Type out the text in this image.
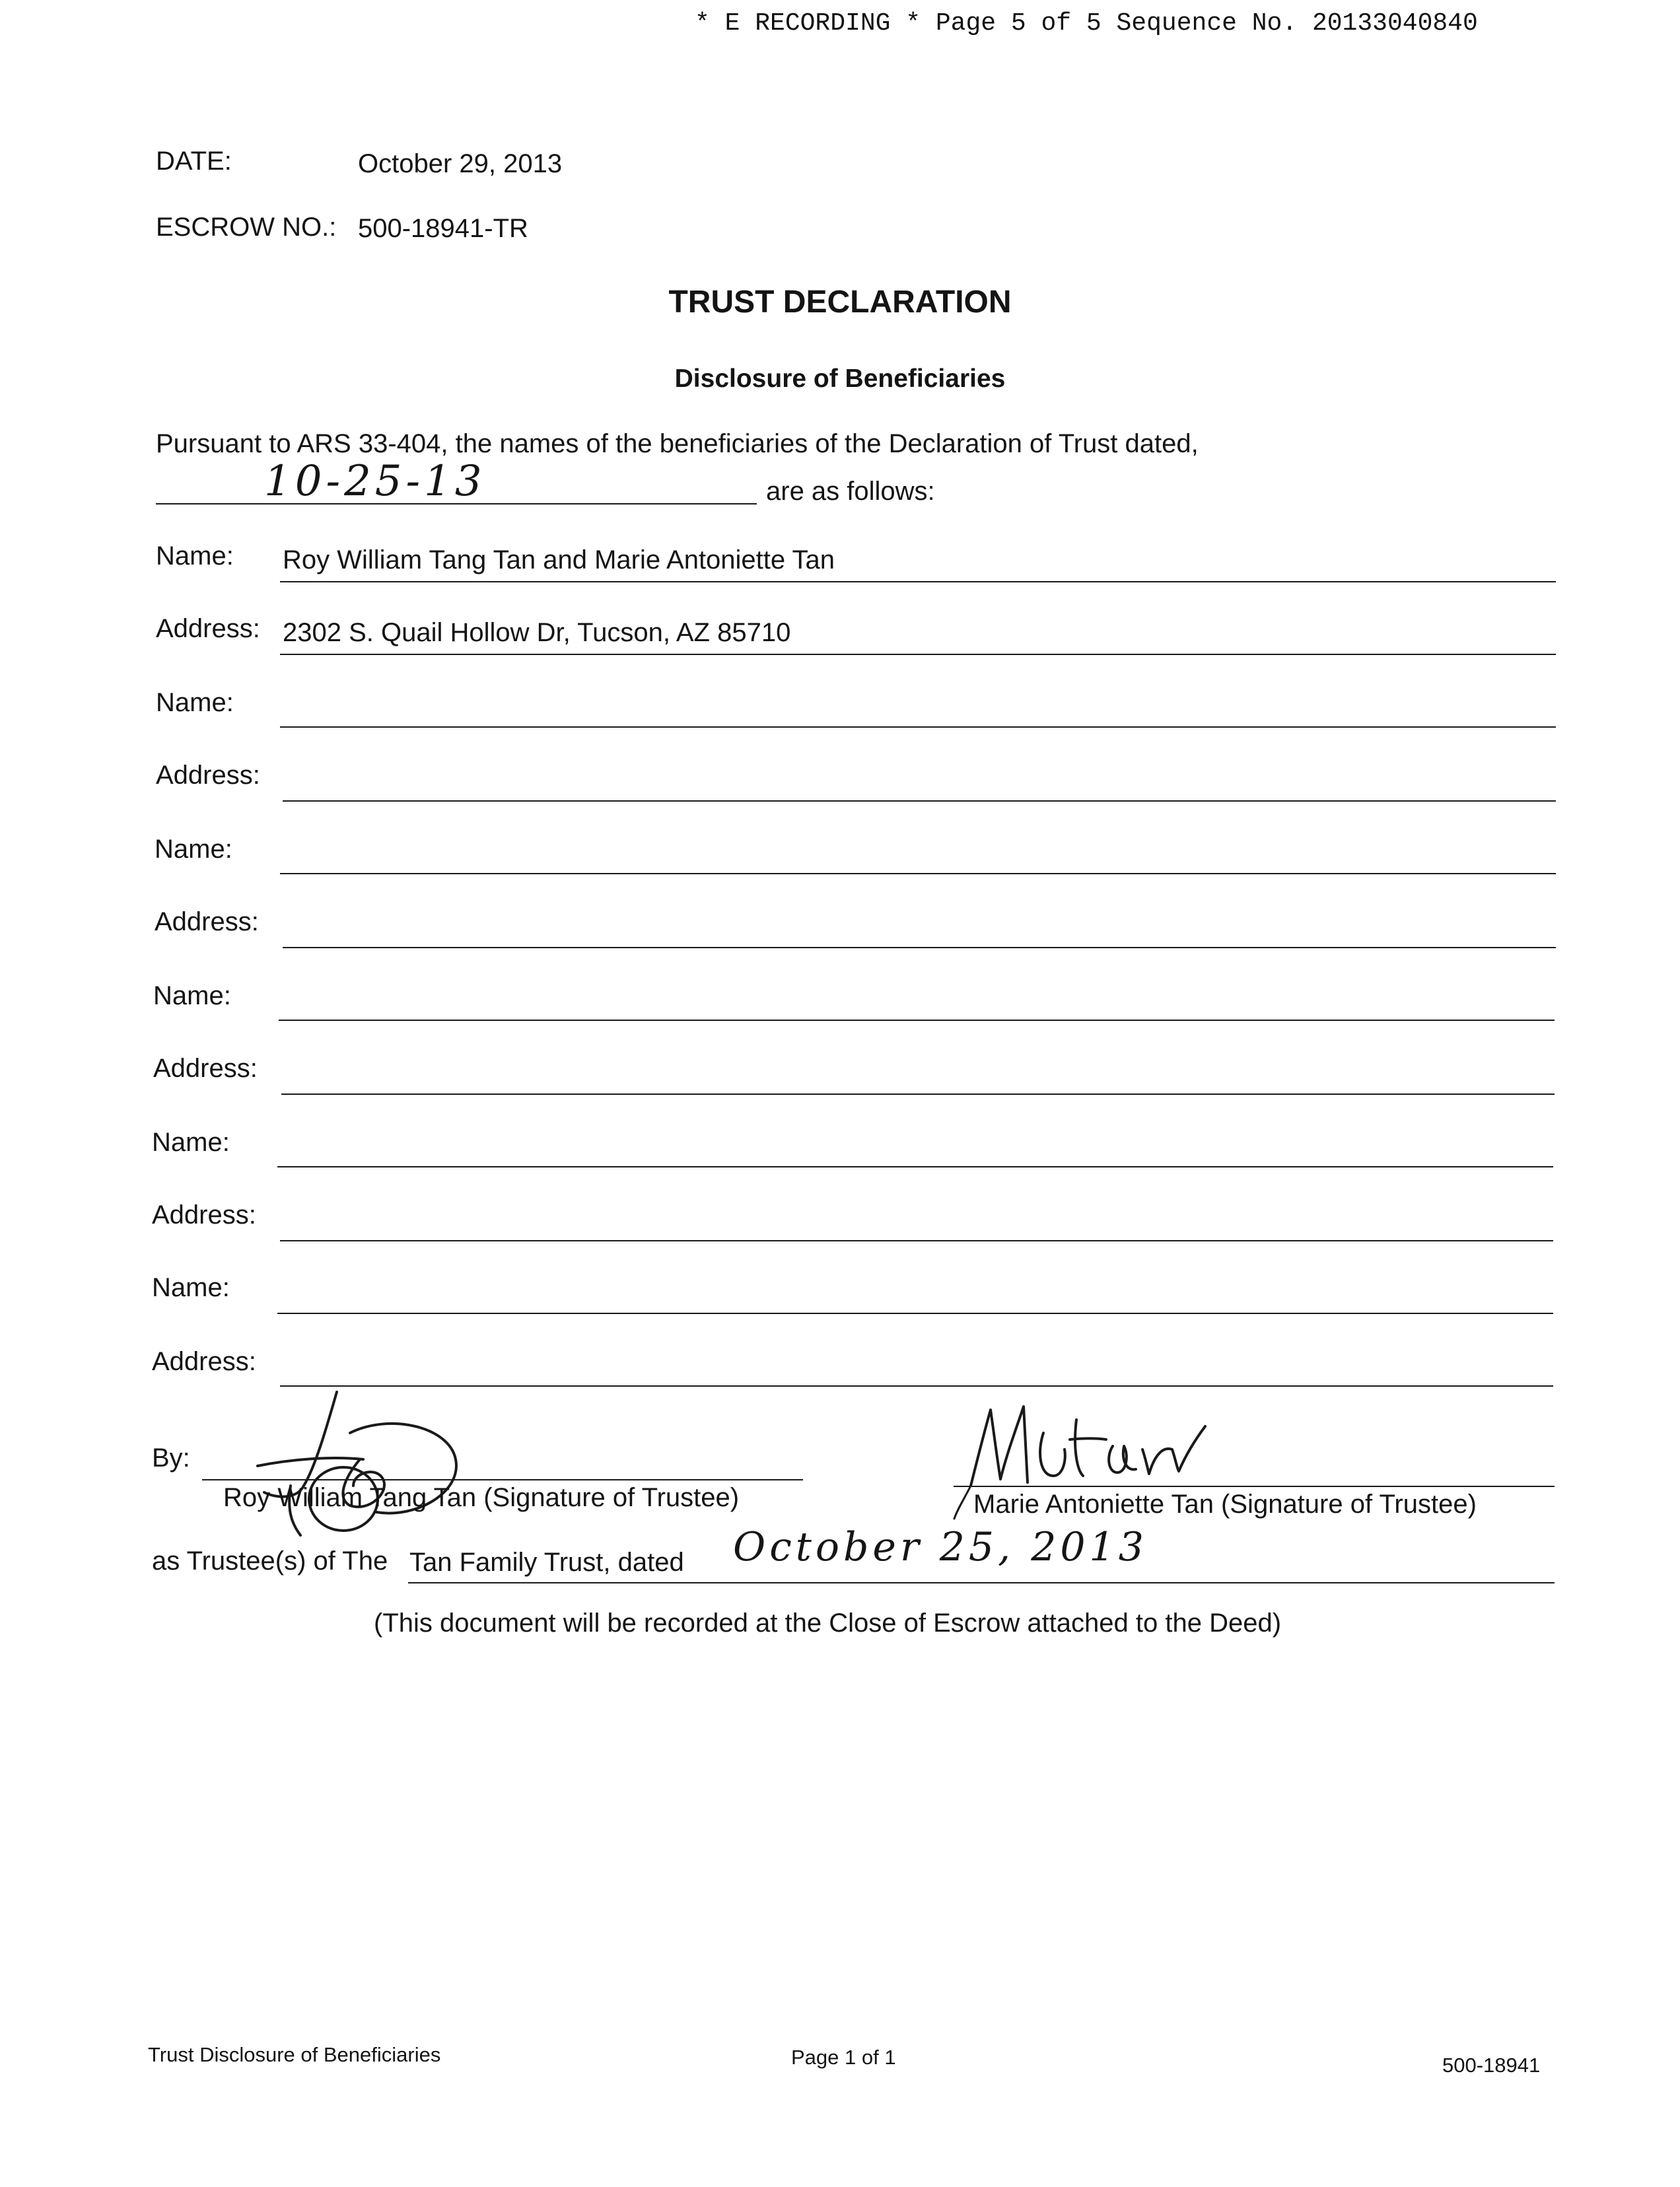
* E RECORDING * Page 5 of 5 Sequence No. 20133040840
DATE:	October 29, 2013
ESCROW NO.: 500-18941-TR
TRUST DECLARATION
Disclosure of Beneficiaries
Pursuant to ARS 33-404, the names of the beneficiaries of the Declaration of Trust dated,
10-25-13	are as follows:
Name: Roy William Tang Tan and Marie Antoniette Tan
Address: 2302 S. Quail Hollow Dr, Tucson, AZ 85710
Name:
Address:
Name:
Address:
Name:
Address:
Name:
Address:
Name:
Address:
By:
Roy William Tang Tan (Signature of Trustee)	Marie Antoniette Tan (Signature of Trustee)
as Trustee(s) of The Tan Family Trust, dated October 25, 2013
(This document will be recorded at the Close of Escrow attached to the Deed)
Trust Disclosure of Beneficiaries	Page 1 of 1	500-18941
